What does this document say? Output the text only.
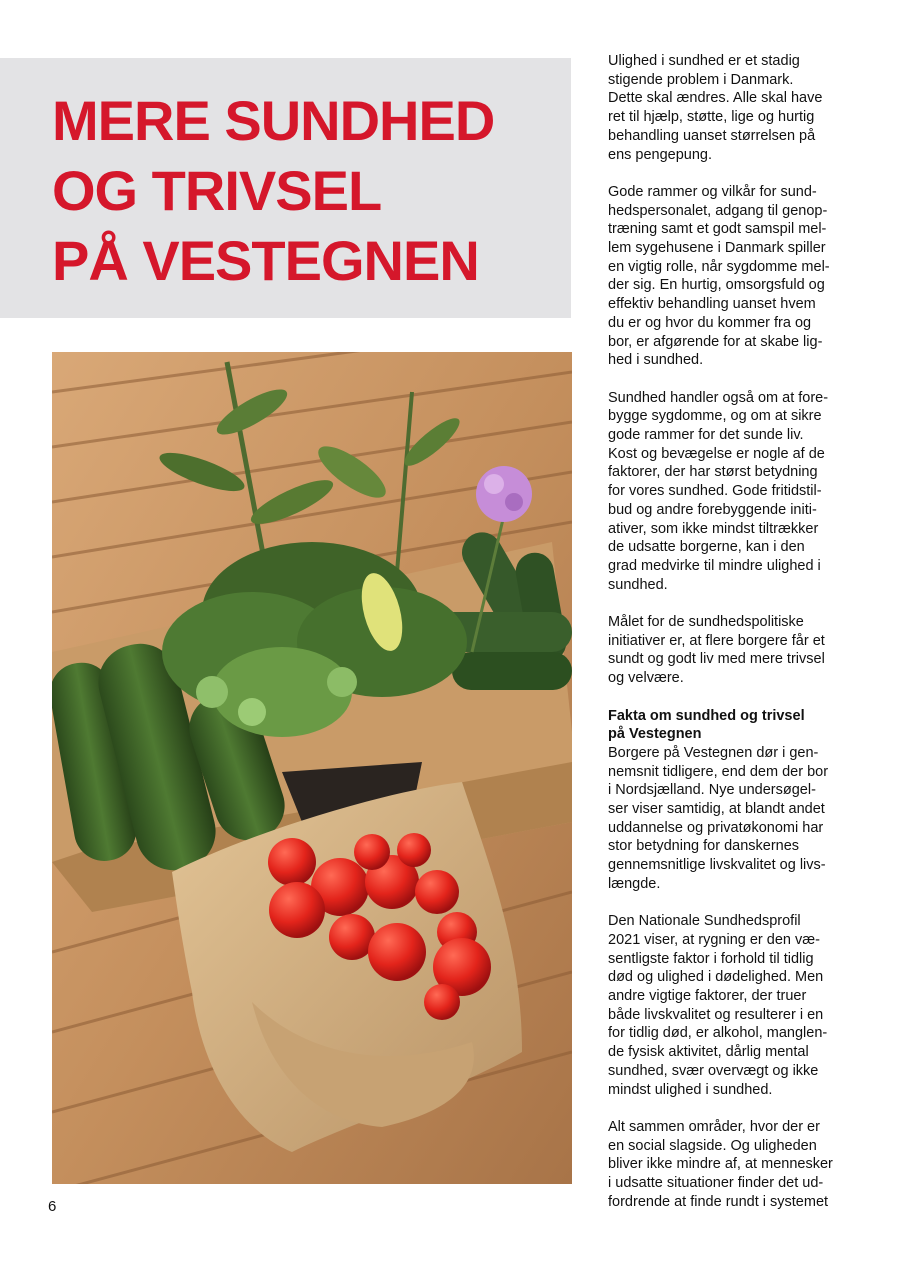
MERE SUNDHED
OG TRIVSEL
PÅ VESTEGNEN

Ulighed i sundhed er et stadig
stigende problem i Danmark.
Dette skal ændres. Alle skal have
ret til hjælp, støtte, lige og hurtig
behandling uanset størrelsen på
ens pengepung.

Gode rammer og vilkår for sund-
hedspersonalet, adgang til genop-
træning samt et godt samspil mel-
lem sygehusene i Danmark spiller
en vigtig rolle, når sygdomme mel-
der sig. En hurtig, omsorgsfuld og
effektiv behandling uanset hvem
du er og hvor du kommer fra og
bor, er afgørende for at skabe lig-
hed i sundhed.

Sundhed handler også om at fore-
bygge sygdomme, og om at sikre
gode rammer for det sunde liv.
Kost og bevægelse er nogle af de
faktorer, der har størst betydning
for vores sundhed. Gode fritidstil-
bud og andre forebyggende initi-
ativer, som ikke mindst tiltrækker
de udsatte borgerne, kan i den
grad medvirke til mindre ulighed i
sundhed.

Målet for de sundhedspolitiske
initiativer er, at flere borgere får et
sundt og godt liv med mere trivsel
og velvære.

Fakta om sundhed og trivsel
på Vestegnen
Borgere på Vestegnen dør i gen-
nemsnit tidligere, end dem der bor
i Nordsjælland. Nye undersøgel-
ser viser samtidig, at blandt andet
uddannelse og privatøkonomi har
stor betydning for danskernes
gennemsnitlige livskvalitet og livs-
længde.

Den Nationale Sundhedsprofil
2021 viser, at rygning er den væ-
sentligste faktor i forhold til tidlig
død og ulighed i dødelighed. Men
andre vigtige faktorer, der truer
både livskvalitet og resulterer i en
for tidlig død, er alkohol, manglen-
de fysisk aktivitet, dårlig mental
sundhed, svær overvægt og ikke
mindst ulighed i sundhed.

Alt sammen områder, hvor der er
en social slagside. Og uligheden
bliver ikke mindre af, at mennesker
i udsatte situationer finder det ud-
fordrende at finde rundt i systemet

6
